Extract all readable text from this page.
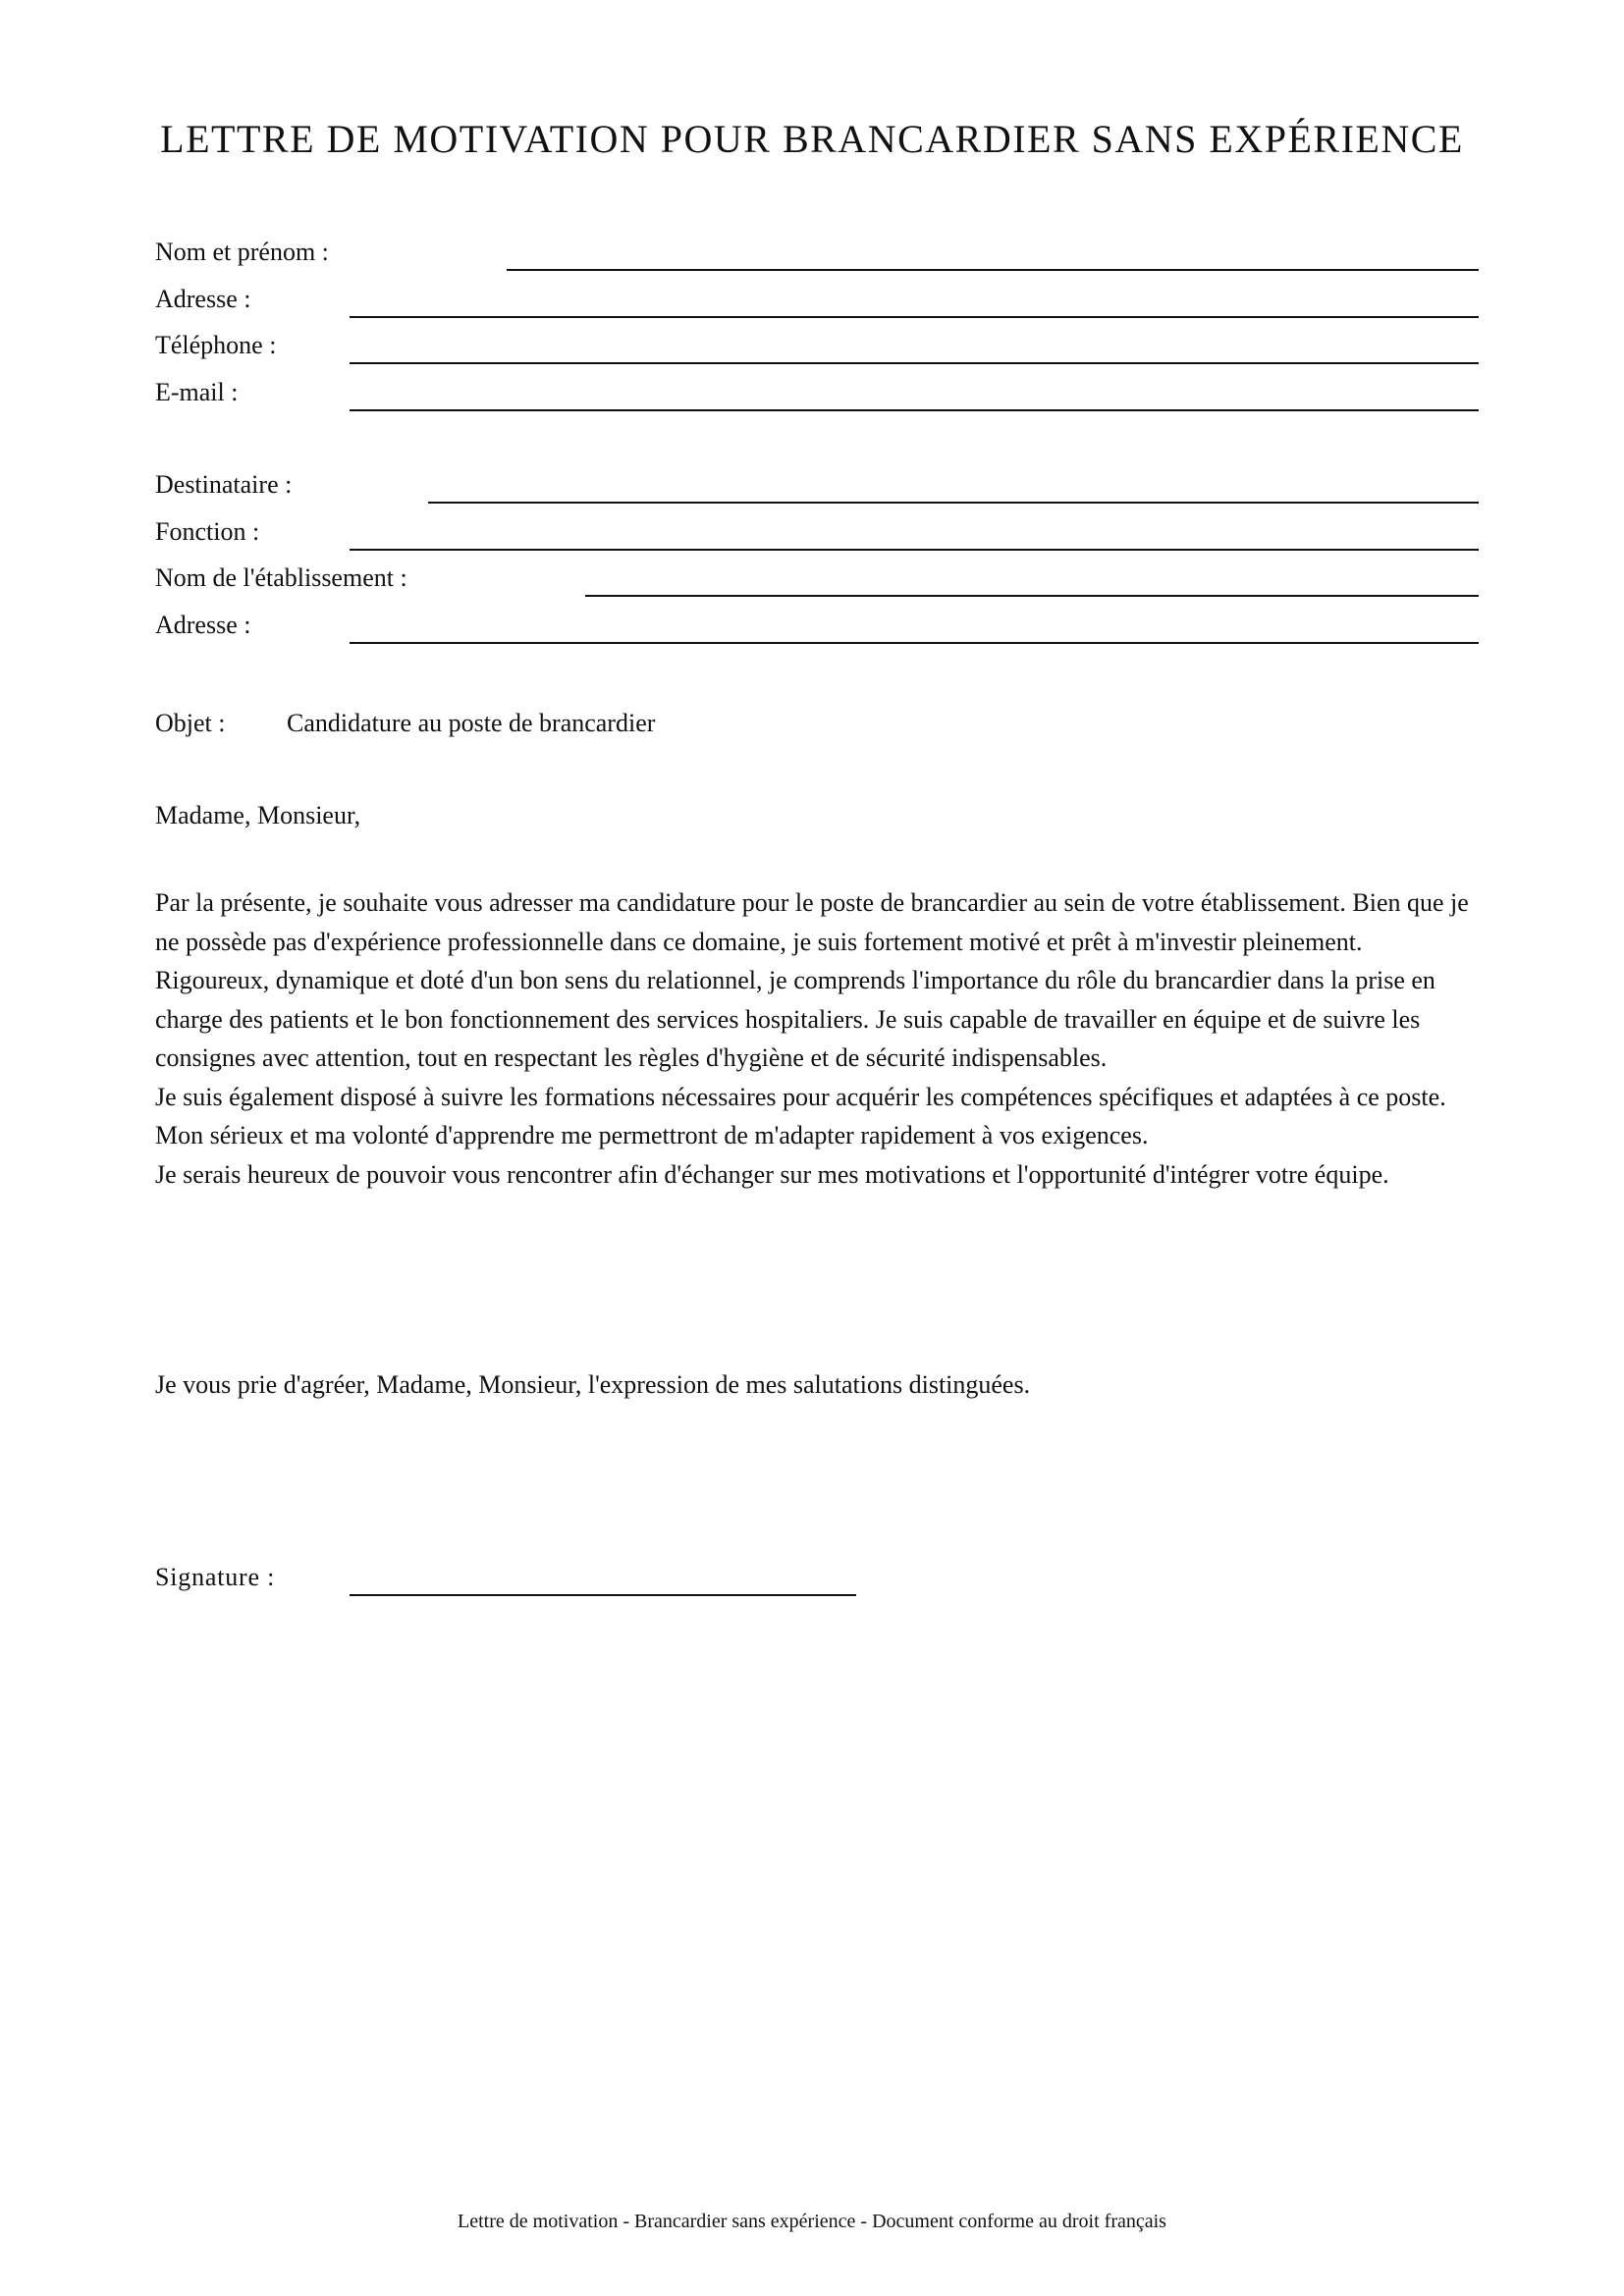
LETTRE DE MOTIVATION POUR BRANCARDIER SANS EXPÉRIENCE
Nom et prénom :
Adresse :
Téléphone :
E-mail :
Destinataire :
Fonction :
Nom de l'établissement :
Adresse :
Objet : Candidature au poste de brancardier
Madame, Monsieur,

Par la présente, je souhaite vous adresser ma candidature pour le poste de brancardier au sein de votre établissement. Bien que je ne possède pas d'expérience professionnelle dans ce domaine, je suis fortement motivé et prêt à m'investir pleinement.

Rigoureux, dynamique et doté d'un bon sens du relationnel, je comprends l'importance du rôle du brancardier dans la prise en charge des patients et le bon fonctionnement des services hospitaliers. Je suis capable de travailler en équipe et de suivre les consignes avec attention, tout en respectant les règles d'hygiène et de sécurité indispensables.

Je suis également disposé à suivre les formations nécessaires pour acquérir les compétences spécifiques et adaptées à ce poste. Mon sérieux et ma volonté d'apprendre me permettront de m'adapter rapidement à vos exigences.

Je serais heureux de pouvoir vous rencontrer afin d'échanger sur mes motivations et l'opportunité d'intégrer votre équipe.

Je vous prie d'agréer, Madame, Monsieur, l'expression de mes salutations distinguées.
Signature :
Lettre de motivation - Brancardier sans expérience - Document conforme au droit français
